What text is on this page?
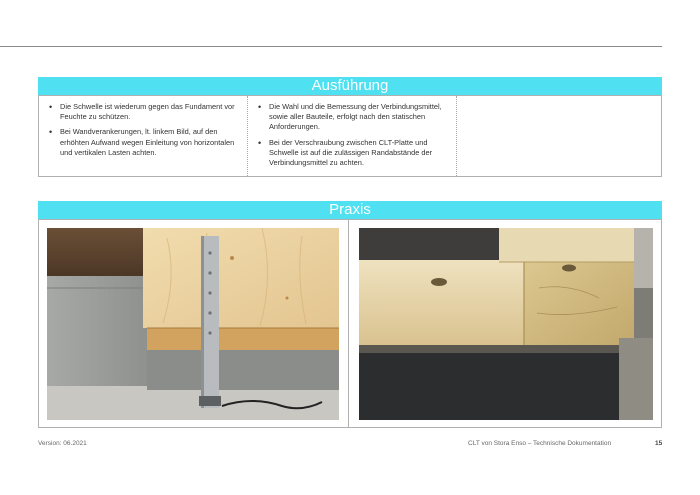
Ausführung
• Die Schwelle ist wiederum gegen das Fundament vor Feuchte zu schützen.
• Bei Wandverankerungen, lt. linkem Bild, auf den erhöhten Aufwand wegen Einleitung von horizontalen und vertikalen Lasten achten.
• Die Wahl und die Bemessung der Verbindungsmittel, sowie aller Bauteile, erfolgt nach den statischen Anforderungen.
• Bei der Verschraubung zwischen CLT-Platte und Schwelle ist auf die zulässigen Randabstände der Verbindungsmittel zu achten.
Praxis
Version: 06.2021	CLT von Stora Enso – Technische Dokumentation	15
